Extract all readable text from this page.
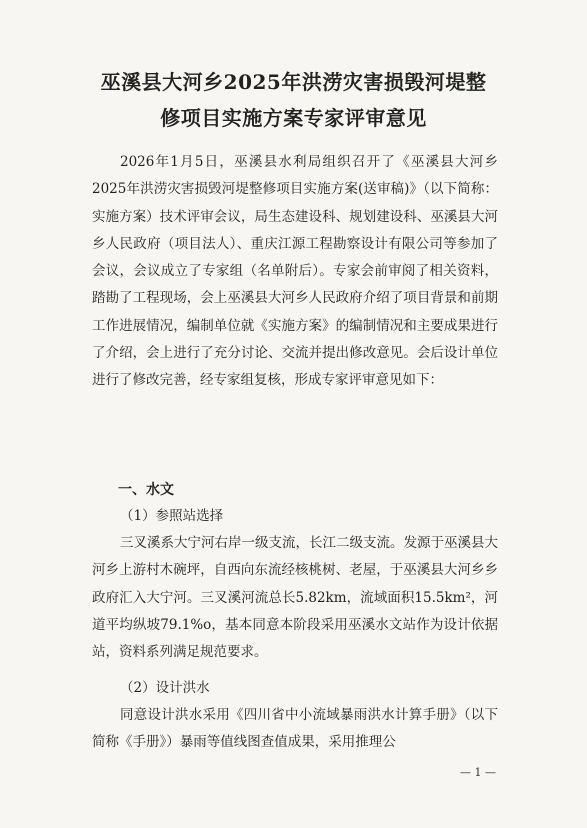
巫溪县大河乡2025年洪涝灾害损毁河堤整
修项目实施方案专家评审意见
2026年1月5日，巫溪县水利局组织召开了《巫溪县大河乡2025年洪涝灾害损毁河堤整修项目实施方案(送审稿)》（以下简称：实施方案）技术评审会议，局生态建设科、规划建设科、巫溪县大河乡人民政府（项目法人）、重庆江源工程勘察设计有限公司等参加了会议，会议成立了专家组（名单附后）。专家会前审阅了相关资料，踏勘了工程现场，会上巫溪县大河乡人民政府介绍了项目背景和前期工作进展情况，编制单位就《实施方案》的编制情况和主要成果进行了介绍，会上进行了充分讨论、交流并提出修改意见。会后设计单位进行了修改完善，经专家组复核，形成专家评审意见如下：
一、水文
（1）参照站选择
三叉溪系大宁河右岸一级支流，长江二级支流。发源于巫溪县大河乡上游村木碗坪，自西向东流经核桃树、老屋，于巫溪县大河乡乡政府汇入大宁河。三叉溪河流总长5.82km，流域面积15.5km²，河道平均纵坡79.1%o，基本同意本阶段采用巫溪水文站作为设计依据站，资料系列满足规范要求。
（2）设计洪水
同意设计洪水采用《四川省中小流域暴雨洪水计算手册》（以下简称《手册》）暴雨等值线图查值成果，采用推理公
— 1 —
